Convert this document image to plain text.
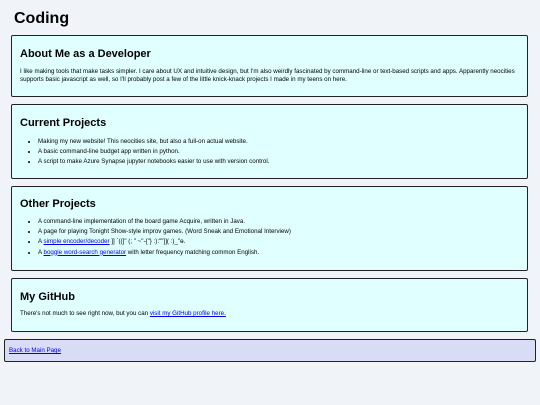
Coding
About Me as a Developer

I like making tools that make tasks simpler. I care about UX and intuitive design, but I'm also weirdly fascinated by command-line or text-based scripts and apps. Apparently neocities supports basic javascript as well, so I'll probably post a few of the little knick-knack projects I made in my teens on here.

Current Projects
• Making my new website! This neocities site, but also a full-on actual website.
• A basic command-line budget app written in python.
• A script to make Azure Synapse jupyter notebooks easier to use with version control.
Other Projects
• A command-line implementation of the board game Acquire, written in Java.
• A page for playing Tonight Show-style improv games. (Word Sneak and Emotional Interview)
• A simple encoder/decoder ]] `((]" (; " ~"-{"} :):""]]( :)_"ɵ.
• A boggle word-search generator with letter frequency matching common English.
My GitHub

There's not much to see right now, but you can visit my GitHub profile here.

Back to Main Page
